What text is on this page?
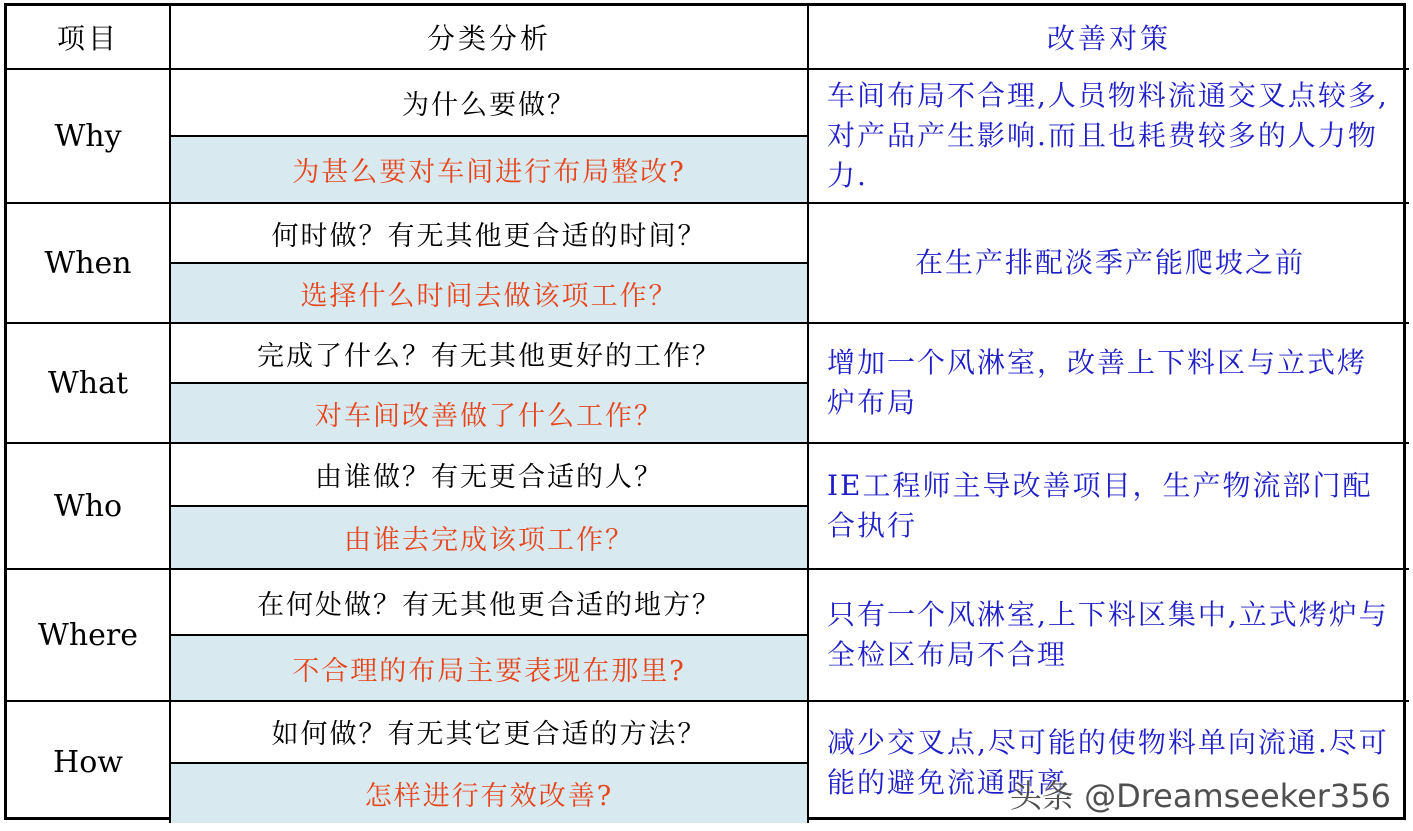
项目	分类分析	改善对策
Why
为什么要做？
为甚么要对车间进行布局整改?
车间布局不合理,人员物料流通交叉点较多,对产品产生影响.而且也耗费较多的人力物力.
When
何时做？有无其他更合适的时间？
选择什么时间去做该项工作？
在生产排配淡季产能爬坡之前
What
完成了什么？有无其他更好的工作？
对车间改善做了什么工作？
增加一个风淋室，改善上下料区与立式烤炉布局
Who
由谁做？有无更合适的人？
由谁去完成该项工作？
IE工程师主导改善项目，生产物流部门配合执行
Where
在何处做？有无其他更合适的地方？
不合理的布局主要表现在那里?
只有一个风淋室,上下料区集中,立式烤炉与全检区布局不合理
How
如何做？有无其它更合适的方法？
怎样进行有效改善?
减少交叉点,尽可能的使物料单向流通.尽可能的避免流通距离
头条 @Dreamseeker356
